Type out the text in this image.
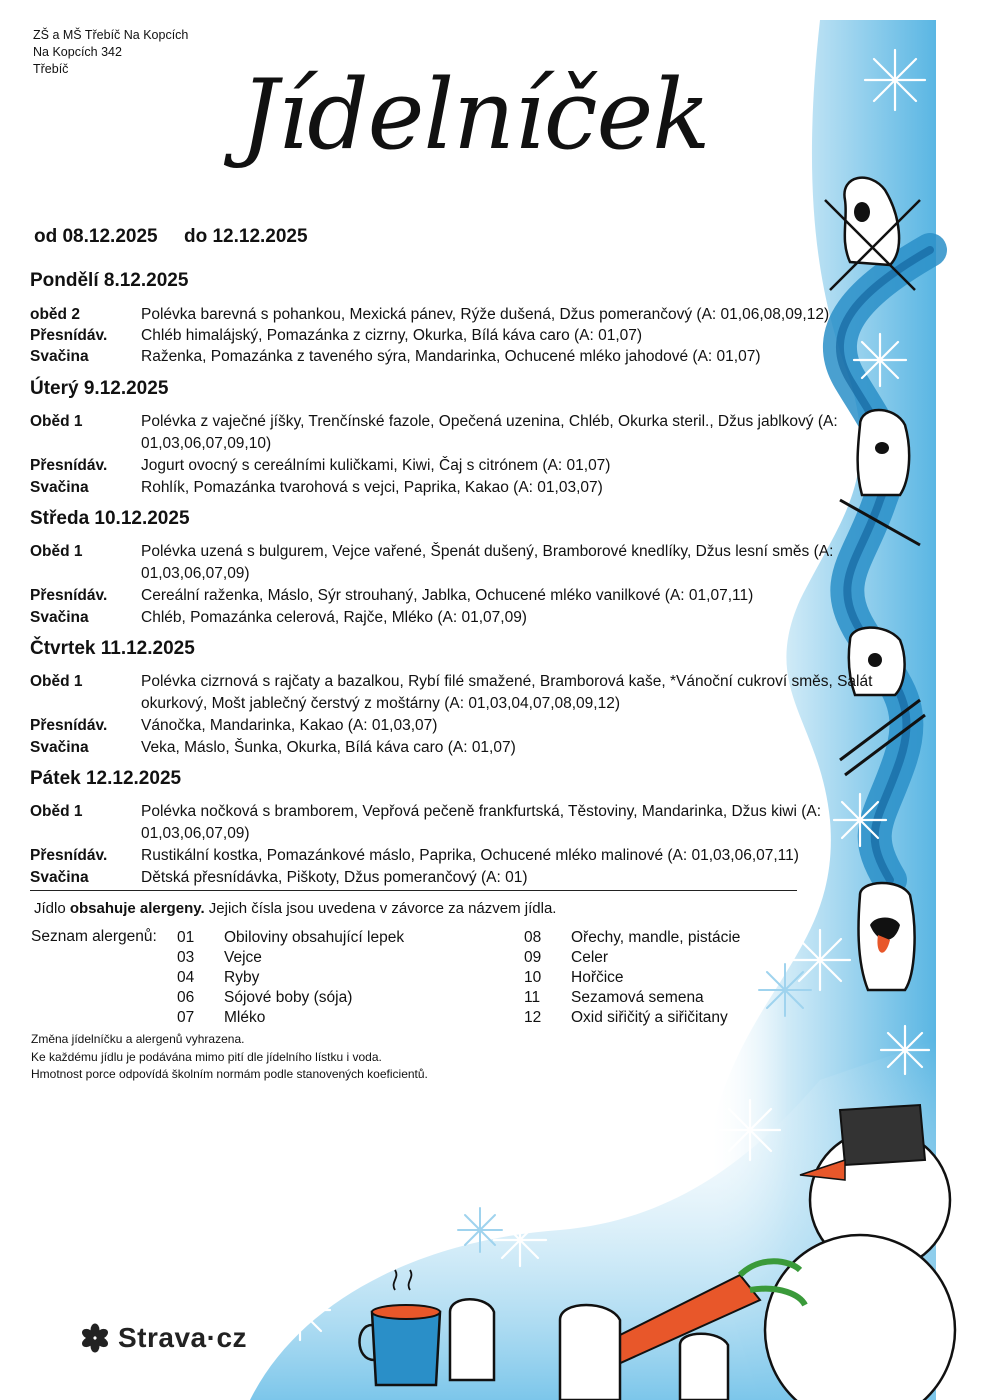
ZŠ a MŠ Třebíč Na Kopcích
Na Kopcích 342
Třebíč	Jídelníček
od 08.12.2025     do 12.12.2025
Pondělí 8.12.2025
oběd 2	Polévka barevná s pohankou, Mexická pánev, Rýže dušená, Džus pomerančový (A: 01,06,08,09,12)
Přesnídáv.	Chléb himalájský, Pomazánka z cizrny, Okurka, Bílá káva caro (A: 01,07)
Svačina	Raženka, Pomazánka z taveného sýra, Mandarinka, Ochucené mléko jahodové (A: 01,07)
Úterý 9.12.2025
Oběd 1	Polévka z vaječné jíšky, Trenčínské fazole, Opečená uzenina, Chléb, Okurka steril., Džus jablkový (A: 01,03,06,07,09,10)
Přesnídáv.	Jogurt ovocný s cereálními kuličkami, Kiwi, Čaj s citrónem (A: 01,07)
Svačina	Rohlík, Pomazánka tvarohová s vejci, Paprika, Kakao (A: 01,03,07)
Středa 10.12.2025
Oběd 1	Polévka uzená s bulgurem, Vejce vařené, Špenát dušený, Bramborové knedlíky, Džus lesní směs (A: 01,03,06,07,09)
Přesnídáv.	Cereální raženka, Máslo, Sýr strouhaný, Jablka, Ochucené mléko vanilkové (A: 01,07,11)
Svačina	Chléb, Pomazánka celerová, Rajče, Mléko (A: 01,07,09)
Čtvrtek 11.12.2025
Oběd 1	Polévka cizrnová s rajčaty a bazalkou, Rybí filé smažené, Bramborová kaše, *Vánoční cukroví směs, Salát okurkový, Mošt jablečný čerstvý z moštárny (A: 01,03,04,07,08,09,12)
Přesnídáv.	Vánočka, Mandarinka, Kakao (A: 01,03,07)
Svačina	Veka, Máslo, Šunka, Okurka, Bílá káva caro (A: 01,07)
Pátek 12.12.2025
Oběd 1	Polévka nočková s bramborem, Vepřová pečeně frankfurtská, Těstoviny, Mandarinka, Džus kiwi (A: 01,03,06,07,09)
Přesnídáv.	Rustikální kostka, Pomazánkové máslo, Paprika, Ochucené mléko malinové (A: 01,03,06,07,11)
Svačina	Dětská přesnídávka, Piškoty, Džus pomerančový (A: 01)
Jídlo obsahuje alergeny. Jejich čísla jsou uvedena v závorce za názvem jídla.
Seznam alergenů: 01 Obiloviny obsahující lepek
03 Vejce
04 Ryby
06 Sójové boby (sója)
07 Mléko
08 Ořechy, mandle, pistácie
09 Celer
10 Hořčice
11 Sezamová semena
12 Oxid siřičitý a siřičitany
Změna jídelníčku a alergenů vyhrazena.
Ke každému jídlu je podávána mimo pití dle jídelního lístku i voda.
Hmotnost porce odpovídá školním normám podle stanovených koeficientů.
Strava·cz
